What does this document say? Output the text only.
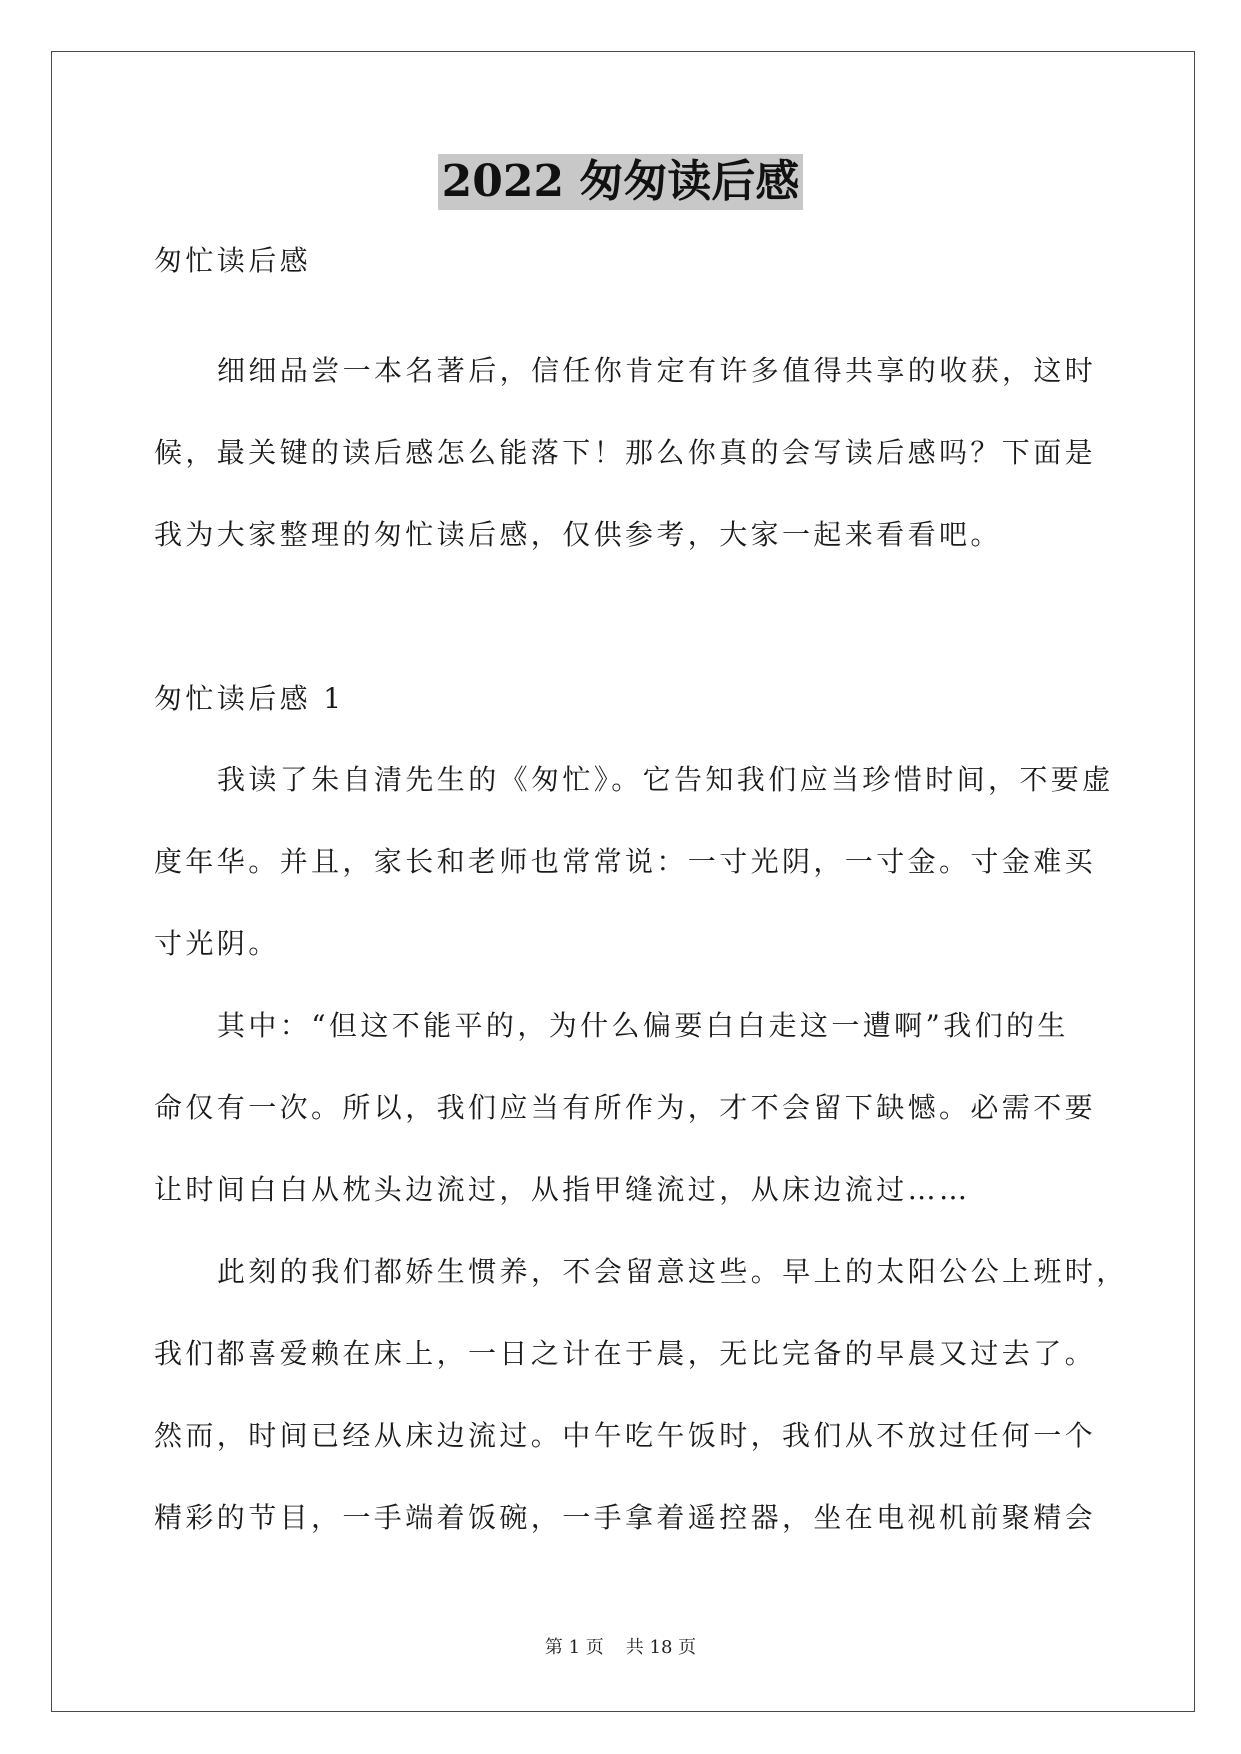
2022 匆匆读后感
匆忙读后感
细细品尝一本名著后，信任你肯定有许多值得共享的收获，这时
候，最关键的读后感怎么能落下！那么你真的会写读后感吗？下面是
我为大家整理的匆忙读后感，仅供参考，大家一起来看看吧。
匆忙读后感 1
我读了朱自清先生的《匆忙》。它告知我们应当珍惜时间，不要虚
度年华。并且，家长和老师也常常说：一寸光阴，一寸金。寸金难买
寸光阴。
其中：“但这不能平的，为什么偏要白白走这一遭啊”我们的生
命仅有一次。所以，我们应当有所作为，才不会留下缺憾。必需不要
让时间白白从枕头边流过，从指甲缝流过，从床边流过……
此刻的我们都娇生惯养，不会留意这些。早上的太阳公公上班时，
我们都喜爱赖在床上，一日之计在于晨，无比完备的早晨又过去了。
然而，时间已经从床边流过。中午吃午饭时，我们从不放过任何一个
精彩的节目，一手端着饭碗，一手拿着遥控器，坐在电视机前聚精会
第 1 页 共 18 页
